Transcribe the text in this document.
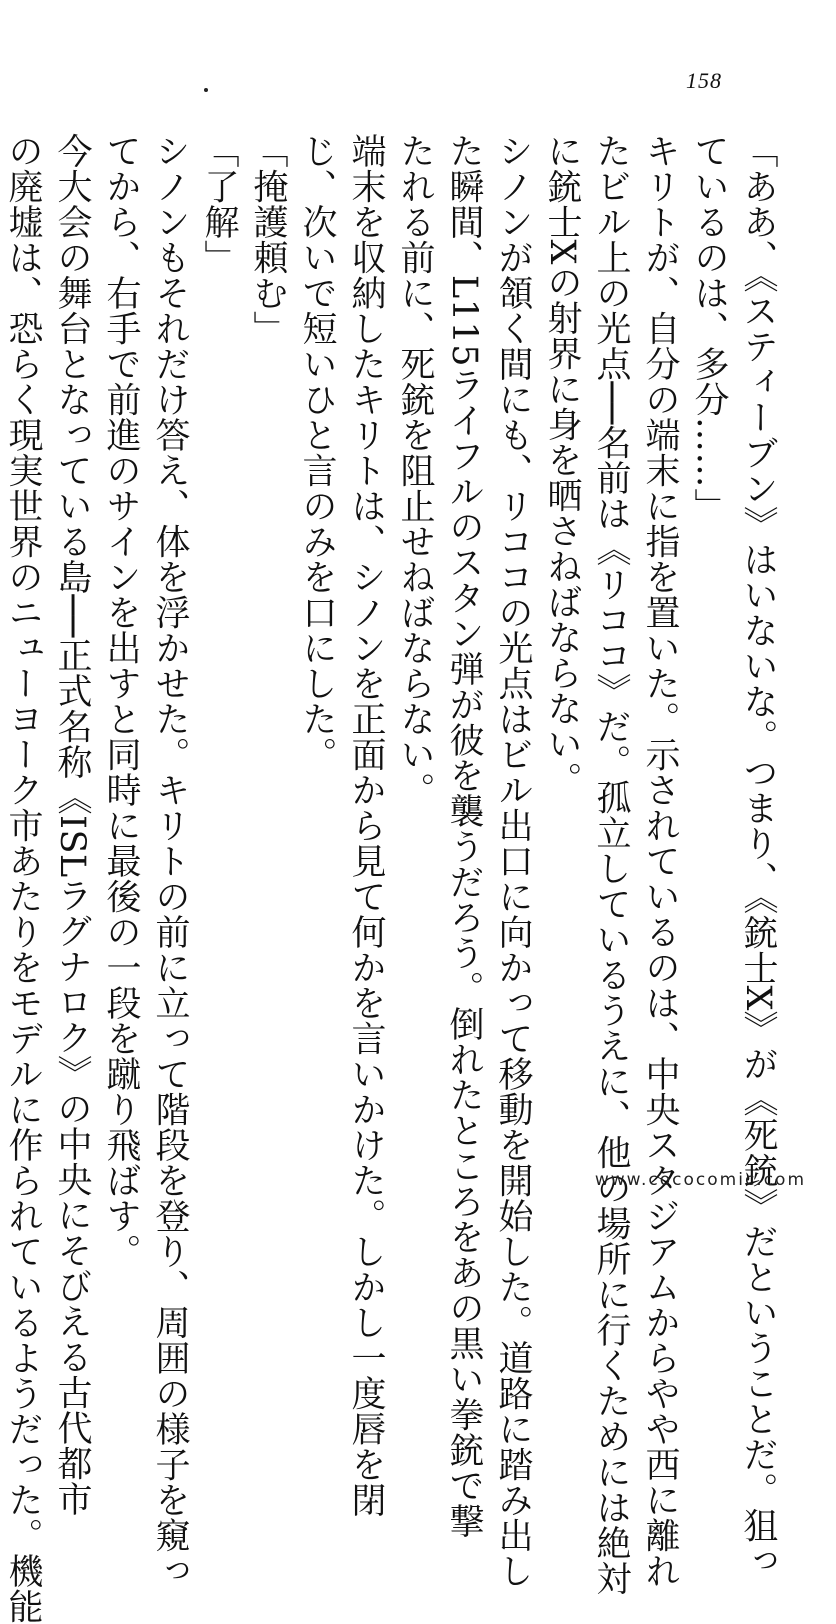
158

「ああ、《スティーブン》はいないな。つまり、《銃士X》が《死銃》だということだ。狙っ

ているのは、多分……」

キリトが、自分の端末に指を置いた。示されているのは、中央スタジアムからやや西に離れ

たビル上の光点──名前は《リココ》だ。孤立しているうえに、他の場所に行くためには絶対

に銃士Xの射界に身を晒さねばならない。

シノンが頷く間にも、リココの光点はビル出口に向かって移動を開始した。道路に踏み出し

た瞬間、L115ライフルのスタン弾が彼を襲うだろう。倒れたところをあの黒い拳銃で撃

たれる前に、死銃を阻止せねばならない。

端末を収納したキリトは、シノンを正面から見て何かを言いかけた。しかし一度唇を閉

じ、次いで短いひと言のみを口にした。

「掩護頼む」

「了解」

シノンもそれだけ答え、体を浮かせた。キリトの前に立って階段を登り、周囲の様子を窺っ

てから、右手で前進のサインを出すと同時に最後の一段を蹴り飛ばす。

今大会の舞台となっている島──正式名称《ISLラグナロク》の中央にそびえる古代都市

の廃墟は、恐らく現実世界のニューヨーク市あたりをモデルに作られているようだった。機能	www.cococomic.com
